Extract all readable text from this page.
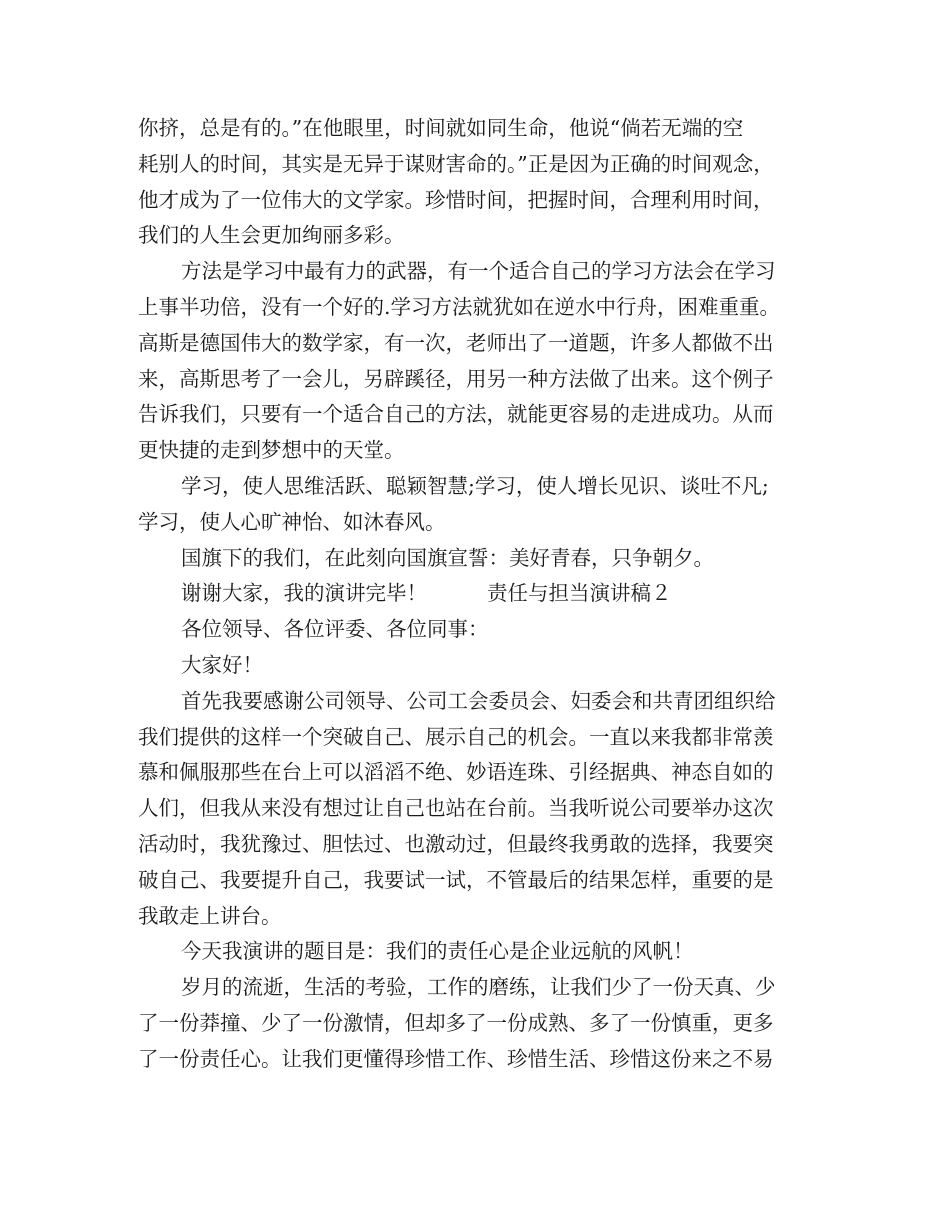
你挤，总是有的。”在他眼里，时间就如同生命，他说“倘若无端的空
耗别人的时间，其实是无异于谋财害命的。”正是因为正确的时间观念，
他才成为了一位伟大的文学家。珍惜时间，把握时间，合理利用时间，
我们的人生会更加绚丽多彩。
方法是学习中最有力的武器，有一个适合自己的学习方法会在学习
上事半功倍，没有一个好的.学习方法就犹如在逆水中行舟，困难重重。
高斯是德国伟大的数学家，有一次，老师出了一道题，许多人都做不出
来，高斯思考了一会儿，另辟蹊径，用另一种方法做了出来。这个例子
告诉我们，只要有一个适合自己的方法，就能更容易的走进成功。从而
更快捷的走到梦想中的天堂。
学习，使人思维活跃、聪颖智慧;学习，使人增长见识、谈吐不凡;
学习，使人心旷神怡、如沐春风。
国旗下的我们，在此刻向国旗宣誓：美好青春，只争朝夕。
谢谢大家，我的演讲完毕！	责任与担当演讲稿２
各位领导、各位评委、各位同事：
大家好！
首先我要感谢公司领导、公司工会委员会、妇委会和共青团组织给
我们提供的这样一个突破自己、展示自己的机会。一直以来我都非常羡
慕和佩服那些在台上可以滔滔不绝、妙语连珠、引经据典、神态自如的
人们，但我从来没有想过让自己也站在台前。当我听说公司要举办这次
活动时，我犹豫过、胆怯过、也激动过，但最终我勇敢的选择，我要突
破自己、我要提升自己，我要试一试，不管最后的结果怎样，重要的是
我敢走上讲台。
今天我演讲的题目是：我们的责任心是企业远航的风帆！
岁月的流逝，生活的考验，工作的磨练，让我们少了一份天真、少
了一份莽撞、少了一份激情，但却多了一份成熟、多了一份慎重，更多
了一份责任心。让我们更懂得珍惜工作、珍惜生活、珍惜这份来之不易
